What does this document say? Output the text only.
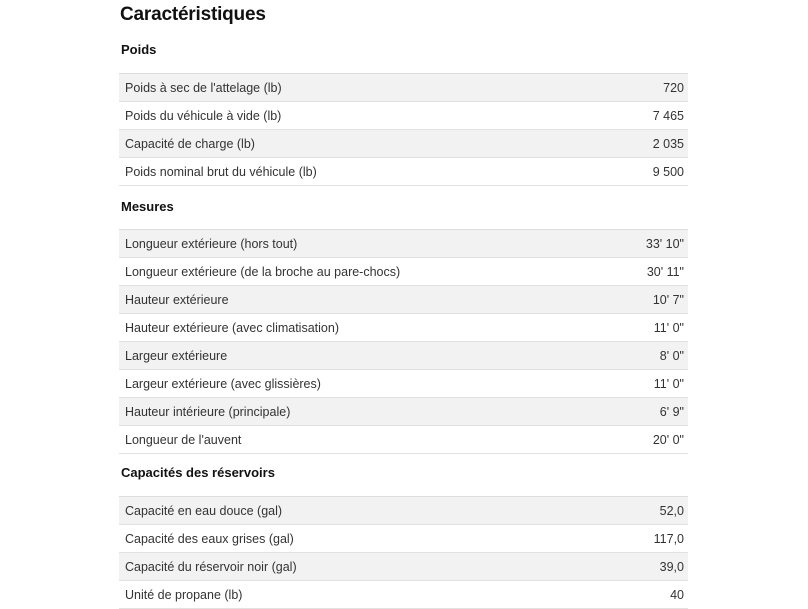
Caractéristiques
Poids
Poids à sec de l'attelage (lb)	720
Poids du véhicule à vide (lb)	7 465
Capacité de charge (lb)	2 035
Poids nominal brut du véhicule (lb)	9 500
Mesures
Longueur extérieure (hors tout)	33' 10"
Longueur extérieure (de la broche au pare-chocs)	30' 11"
Hauteur extérieure	10' 7"
Hauteur extérieure (avec climatisation)	11' 0"
Largeur extérieure	8' 0"
Largeur extérieure (avec glissières)	11' 0"
Hauteur intérieure (principale)	6' 9"
Longueur de l'auvent	20' 0"
Capacités des réservoirs
Capacité en eau douce (gal)	52,0
Capacité des eaux grises (gal)	117,0
Capacité du réservoir noir (gal)	39,0
Unité de propane (lb)	40
